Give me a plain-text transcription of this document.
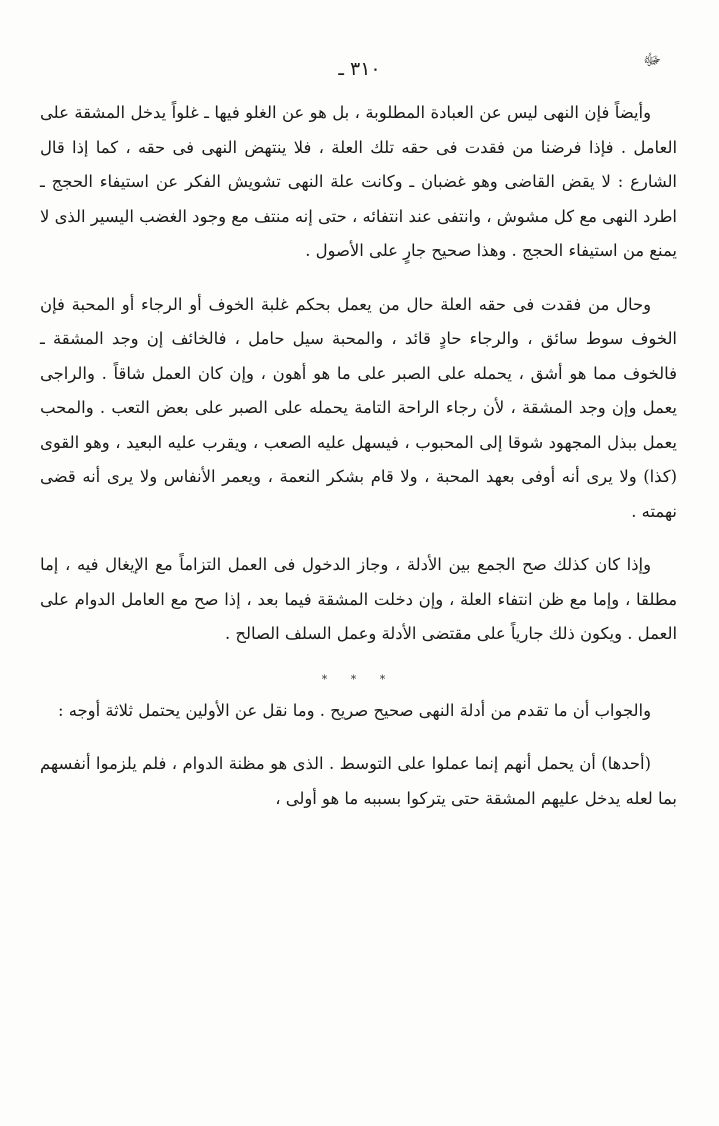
٣١٠ ـ	ﷻ

وأيضاً فإن النهى ليس عن العبادة المطلوبة ، بل هو عن الغلو فيها ـ غلواً يدخل المشقة على العامل . فإذا فرضنا من فقدت فى حقه تلك العلة ، فلا ينتهض النهى فى حقه ، كما إذا قال الشارع : لا يقض القاضى وهو غضبان ـ وكانت علة النهى تشويش الفكر عن استيفاء الحجج ـ اطرد النهى مع كل مشوش ، وانتفى عند انتفائه ، حتى إنه منتف مع وجود الغضب اليسير الذى لا يمنع من استيفاء الحجج . وهذا صحيح جارٍ على الأصول .

وحال من فقدت فى حقه العلة حال من يعمل بحكم غلبة الخوف أو الرجاء أو المحبة فإن الخوف سوط سائق ، والرجاء حادٍ قائد ، والمحبة سيل حامل ، فالخائف إن وجد المشقة ـ فالخوف مما هو أشق ، يحمله على الصبر على ما هو أهون ، وإن كان العمل شاقاً . والراجى يعمل وإن وجد المشقة ، لأن رجاء الراحة التامة يحمله على الصبر على بعض التعب . والمحب يعمل ببذل المجهود شوقا إلى المحبوب ، فيسهل عليه الصعب ، ويقرب عليه البعيد ، وهو القوى (كذا) ولا يرى أنه أوفى بعهد المحبة ، ولا قام بشكر النعمة ، ويعمر الأنفاس ولا يرى أنه قضى نهمته .

وإذا كان كذلك صح الجمع بين الأدلة ، وجاز الدخول فى العمل التزاماً مع الإيغال فيه ، إما مطلقا ، وإما مع ظن انتفاء العلة ، وإن دخلت المشقة فيما بعد ، إذا صح مع العامل الدوام على العمل . ويكون ذلك جارياً على مقتضى الأدلة وعمل السلف الصالح .

* * *

والجواب أن ما تقدم من أدلة النهى صحيح صريح . وما نقل عن الأولين يحتمل ثلاثة أوجه :

(أحدها) أن يحمل أنهم إنما عملوا على التوسط . الذى هو مظنة الدوام ، فلم يلزموا أنفسهم بما لعله يدخل عليهم المشقة حتى يتركوا بسببه ما هو أولى ،
